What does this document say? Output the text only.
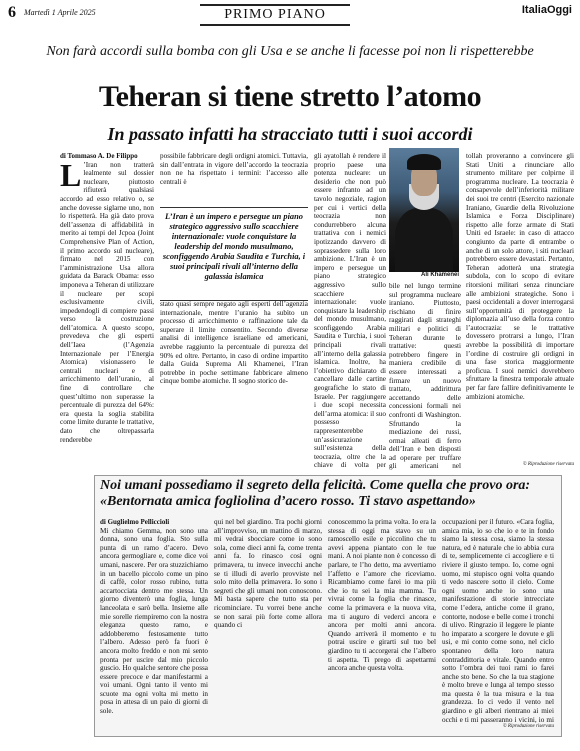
6 Martedì 1 Aprile 2025	PRIMO PIANO	ItaliaOggi
Non farà accordi sulla bomba con gli Usa e se anche li facesse poi non li rispetterebbe
Teheran si tiene stretto l’atomo
In passato infatti ha stracciato tutti i suoi accordi
di Tommaso A. De Filippo
L ’Iran non tratterà lealmente sul dossier nucleare, piuttosto rifiuterà qualsiasi accordo ad esso relativo o, se anche dovesse siglarne uno, non lo rispetterà. Ha già dato prova dell’assenza di affidabilità in merito ai tempi del Jcpoa (Joint Comprehensive Plan of Action, il primo accordo sul nucleare), firmato nel 2015 con l’amministrazione Usa allora guidata da Barack Obama: esso imponeva a Teheran di utilizzare il nucleare per scopi esclusivamente civili, impedendogli di compiere passi verso la costruzione dell’atomica. A questo scopo, prevedeva che gli esperti dell’Iaea (l’Agenzia Internazionale per l’Energia Atomica) visionassero le centrali nucleari e di arricchimento dell’uranio, al fine di controllare che quest’ultimo non superasse la percentuale di purezza del 64%: era questa la soglia stabilita come limite durante le trattative, dato che oltrepassarla renderebbe
possibile fabbricare degli ordigni atomici. Tuttavia, sin dall’entrata in vigore dell’accordo la teocrazia non ne ha rispettato i termini: l’accesso alle centrali è
L’Iran è un impero e persegue un piano strategico aggressivo sullo scacchiere internazionale: vuole conquistare la leadership del mondo musulmano, sconfiggendo Arabia Saudita e Turchia, i suoi principali rivali all’interno della galassia islamica
stato quasi sempre negato agli esperti dell’agenzia internazionale, mentre l’uranio ha subìto un processo di arricchimento e raffinazione tale da superare il limite consentito. Secondo diverse analisi di intelligence israeliane ed americani, avrebbe raggiunto la percentuale di purezza del 90% ed oltre. Pertanto, in caso di ordine impartito dalla Guida Suprema Ali Khamenei, l’Iran potrebbe in poche settimane fabbricare almeno cinque bombe atomiche. Il sogno storico de-
gli ayatollah è rendere il proprio paese una potenza nucleare: un desiderio che non può essere infranto ad un tavolo negoziale, ragion per cui i vertici della teocrazia non condurrebbero alcuna trattativa con i nemici ipotizzando davvero di soprassedere sulla loro ambizione. L’Iran è un impero e persegue un piano strategico aggressivo sullo scacchiere internazionale: vuole conquistare la leadership del mondo musulmano, sconfiggendo Arabia Saudita e Turchia, i suoi principali rivali all’interno della galassia islamica. Inoltre, ha l’obiettivo dichiarato di cancellare dalle cartine geografiche lo stato di Israele. Per raggiungere i due scopi necessita dell’arma atomica: il suo possesso rappresenterebbe un’assicurazione sull’esistenza della teocrazia, oltre che la chiave di volta per
Ali Khamenei
bile nel lungo termine sul programma nucleare iraniano. Piuttosto, rischiano di finire raggirati dagli strateghi militari e politici di Teheran durante le trattative: questi potrebbero fingere in maniera credibile di essere interessati a firmare un nuovo trattato, addirittura accettando delle concessioni formali nei confronti di Washington. Sfruttando la mediazione dei russi, ormai alleati di ferro dell’Iran e ben disposti ad operare per truffare gli americani nel
tollah proveranno a convincere gli Stati Uniti a rinunciare allo strumento militare per colpirne il programma nucleare. La teocrazia è consapevole dell’inferiorità militare dei suoi tre centri (Esercito nazionale Iraniano, Guardie della Rivoluzione Islamica e Forza Disciplinare) rispetto alle forze armate di Stati Uniti ed Israele: in caso di attacco congiunto da parte di entrambe o anche di un solo attore, i siti nucleari potrebbero essere devastati. Pertanto, Teheran adotterà una strategia subdola, con lo scopo di evitare ritorsioni militari senza rinunciare alle ambizioni strategiche. Sono i paesi occidentali a dover interrogarsi sull’opportunità di proteggere la diplomazia all’uso della forza contro l’autocrazia: se le trattative dovessero protrarsi a lungo, l’Iran avrebbe la possibilità di importare l’ordine di costruire gli ordigni in una fase storica maggiormente proficua. I suoi nemici dovrebbero sfruttare la finestra temporale attuale per far fare fallire definitivamente le ambizioni atomiche.
© Riproduzione riservata
Noi umani possediamo il segreto della felicità. Come quella che provo ora: «Bentornata amica fogliolina d’acero rosso. Ti stavo aspettando»
di Guglielmo Pelliccioli
Mi chiamo Gemma, non sono una donna, sono una foglia. Sto sulla punta di un ramo d’acero. Devo ancora germogliare e, come dice voi umani, nascere. Per ora stuzzichiamo in un bacello piccolo come un pino di caffè, color rosso rubino, tutta accartocciata dentro me stessa. Un giorno diventerò una foglia, lunga lanceolata e sarò bella. Insieme alle mie sorelle riempiremo con la nostra eleganza questo ramo, e addobberemo festosamente tutto l’albero. Adesso però fa fuori è ancora molto freddo e non mi sento pronta per uscire dal mio piccolo guscio. Ho qualche sentore che possa essere precoce e dar manifestarmi a voi umani. Ogni tanto il vento mi scuote ma ogni volta mi metto in posa in attesa di un paio di giorni di sole.
qui nel bel giardino. Tra pochi giorni all’improvviso, un mattino di marzo, mi vedrai sbocciare come io sono sola, come dieci anni fa, come trenta anni fa. Io rinasco così ogni primavera, tu invece invecchi anche se ti illudi di averlo provviste nel solo mito della primavera. Io sono i segreti che gli umani non conoscono. Mi basta sapere che tutto sta per ricominciare. Tu vorrei bene anche se non sarai più forte come allora quando ci
conoscemmo la prima volta. Io era la stessa di oggi ma stavo su un ramoscello esile e piccolino che tu avevi appena piantato con le tue mani. A noi piante non è concesso di parlare, te l’ho detto, ma avvertiamo l’affetto e l’amore che riceviamo. Ricambiamo come farei io ma più che io tu sei la mia mamma. Tu vivrai come la foglia che rinasce, come la primavera e la nuova vita, ma ti auguro di vederci ancora e ancora per molti anni ancora. Quando arriverà il momento e tu potrai uscire e girarti sul tuo bel giardino tu ti accorgerai che l’albero ti aspetta. Ti prego di aspettarmi ancora anche questa volta.
occupazioni per il futuro. «Cara foglia, amica mia, io so che io e te in fondo siamo la stessa cosa, siamo la stessa natura, ed è naturale che io abbia cura di te, semplicemente ci accogliere e ti riviere il giusto tempo. Io, come ogni uomo, mi stupisco ogni volta quando ti vedo nascere sotto il cielo. Come ogni uomo anche io sono una manifestazione di storie intrecciate come l’edera, antiche come il grano, contorte, nodose e belle come i tronchi di ulivo. Ringrazio il leggere le piante ho imparato a scorgere le dovute e gli usi, e mi conto come sono, nel ciclo spontaneo della loro natura contraddittoria e vitale. Quando entro sotto l’ombra dei tuoi rami io farei anche sto bene. So che la tua stagione è molto breve e lunga al tempo stesso ma questa è la tua misura e la tua grandezza. Io ci vedo il vento nel giardino e gli alberi rientrano ai miei occhi e ti mi passeranno i vicini, io mi
© Riproduzione riservata
